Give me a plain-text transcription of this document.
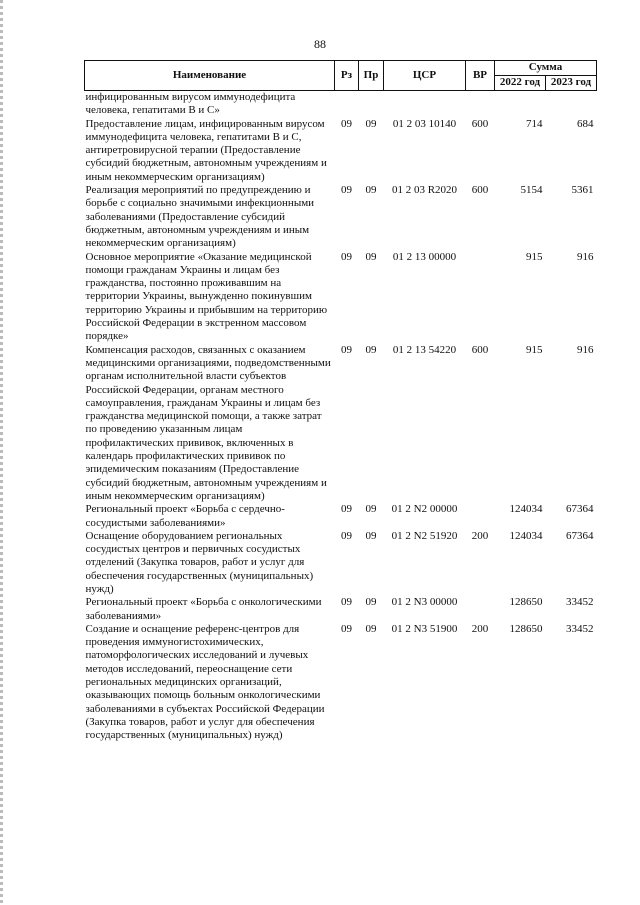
88
Наименование	Рз	Пр	ЦСР	ВР	Сумма	
					2022 год	2023 год
инфицированным вирусом иммунодефицита человека, гепатитами В и С»						
Предоставление лицам, инфицированным вирусом иммунодефицита человека, гепатитами В и С, антиретровирусной терапии (Предоставление субсидий бюджетным, автономным учреждениям и иным некоммерческим организациям)	09	09	01 2 03 10140	600	714	684
Реализация мероприятий по предупреждению и борьбе с социально значимыми инфекционными заболеваниями (Предоставление субсидий бюджетным, автономным учреждениям и иным некоммерческим организациям)	09	09	01 2 03 R2020	600	5154	5361
Основное мероприятие «Оказание медицинской помощи гражданам Украины и лицам без гражданства, постоянно проживавшим на территории Украины, вынужденно покинувшим территорию Украины и прибывшим на территорию Российской Федерации в экстренном массовом порядке»	09	09	01 2 13 00000		915	916
Компенсация расходов, связанных с оказанием медицинскими организациями, подведомственными органам исполнительной власти субъектов Российской Федерации, органам местного самоуправления, гражданам Украины и лицам без гражданства медицинской помощи, а также затрат по проведению указанным лицам профилактических прививок, включенных в календарь профилактических прививок по эпидемическим показаниям (Предоставление субсидий бюджетным, автономным учреждениям и иным некоммерческим организациям)	09	09	01 2 13 54220	600	915	916
Региональный проект «Борьба с сердечно-сосудистыми заболеваниями»	09	09	01 2 N2 00000		124034	67364
Оснащение оборудованием региональных сосудистых центров и первичных сосудистых отделений (Закупка товаров, работ и услуг для обеспечения государственных (муниципальных) нужд)	09	09	01 2 N2 51920	200	124034	67364
Региональный проект «Борьба с онкологическими заболеваниями»	09	09	01 2 N3 00000		128650	33452
Создание и оснащение референс-центров для проведения иммуногистохимических, патоморфологических исследований и лучевых методов исследований, переоснащение сети региональных медицинских организаций, оказывающих помощь больным онкологическими заболеваниями в субъектах Российской Федерации (Закупка товаров, работ и услуг для обеспечения государственных (муниципальных) нужд)	09	09	01 2 N3 51900	200	128650	33452
